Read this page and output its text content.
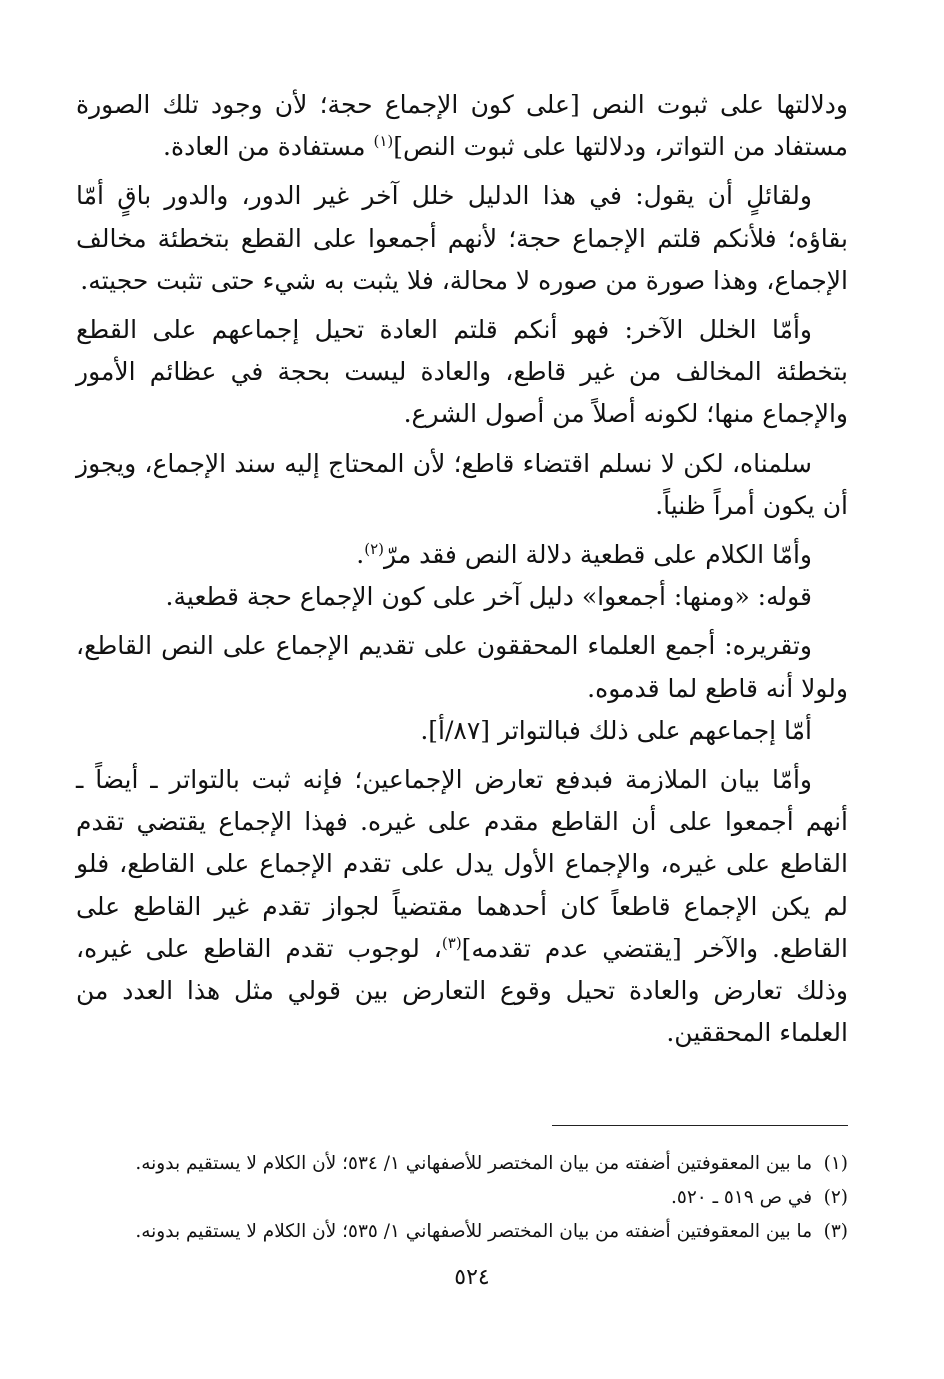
ودلالتها على ثبوت النص [على كون الإجماع حجة؛ لأن وجود تلك الصورة مستفاد من التواتر، ودلالتها على ثبوت النص]$^{(١)}$ مستفادة من العادة.

ولقائلٍ أن يقول: في هذا الدليل خلل آخر غير الدور، والدور باقٍ أمّا بقاؤه؛ فلأنكم قلتم الإجماع حجة؛ لأنهم أجمعوا على القطع بتخطئة مخالف الإجماع، وهذا صورة من صوره لا محالة، فلا يثبت به شيء حتى تثبت حجيته.

وأمّا الخلل الآخر: فهو أنكم قلتم العادة تحيل إجماعهم على القطع بتخطئة المخالف من غير قاطع، والعادة ليست بحجة في عظائم الأمور والإجماع منها؛ لكونه أصلاً من أصول الشرع.

سلمناه، لكن لا نسلم اقتضاء قاطع؛ لأن المحتاج إليه سند الإجماع، ويجوز أن يكون أمراً ظنياً.

وأمّا الكلام على قطعية دلالة النص فقد مرّ$^{(٢)}$.

قوله: «ومنها: أجمعوا» دليل آخر على كون الإجماع حجة قطعية.

وتقريره: أجمع العلماء المحققون على تقديم الإجماع على النص القاطع، ولولا أنه قاطع لما قدموه.

أمّا إجماعهم على ذلك فبالتواتر [٨٧/أ].

وأمّا بيان الملازمة فبدفع تعارض الإجماعين؛ فإنه ثبت بالتواتر ـ أيضاً ـ أنهم أجمعوا على أن القاطع مقدم على غيره. فهذا الإجماع يقتضي تقدم القاطع على غيره، والإجماع الأول يدل على تقدم الإجماع على القاطع، فلو لم يكن الإجماع قاطعاً كان أحدهما مقتضياً لجواز تقدم غير القاطع على القاطع. والآخر [يقتضي عدم تقدمه]$^{(٣)}$، لوجوب تقدم القاطع على غيره، وذلك تعارض والعادة تحيل وقوع التعارض بين قولي مثل هذا العدد من العلماء المحققين.

(١) ما بين المعقوفتين أضفته من بيان المختصر للأصفهاني ١/ ٥٣٤؛ لأن الكلام لا يستقيم بدونه.

(٢) في ص ٥١٩ ـ ٥٢٠.

(٣) ما بين المعقوفتين أضفته من بيان المختصر للأصفهاني ١/ ٥٣٥؛ لأن الكلام لا يستقيم بدونه.

٥٢٤
